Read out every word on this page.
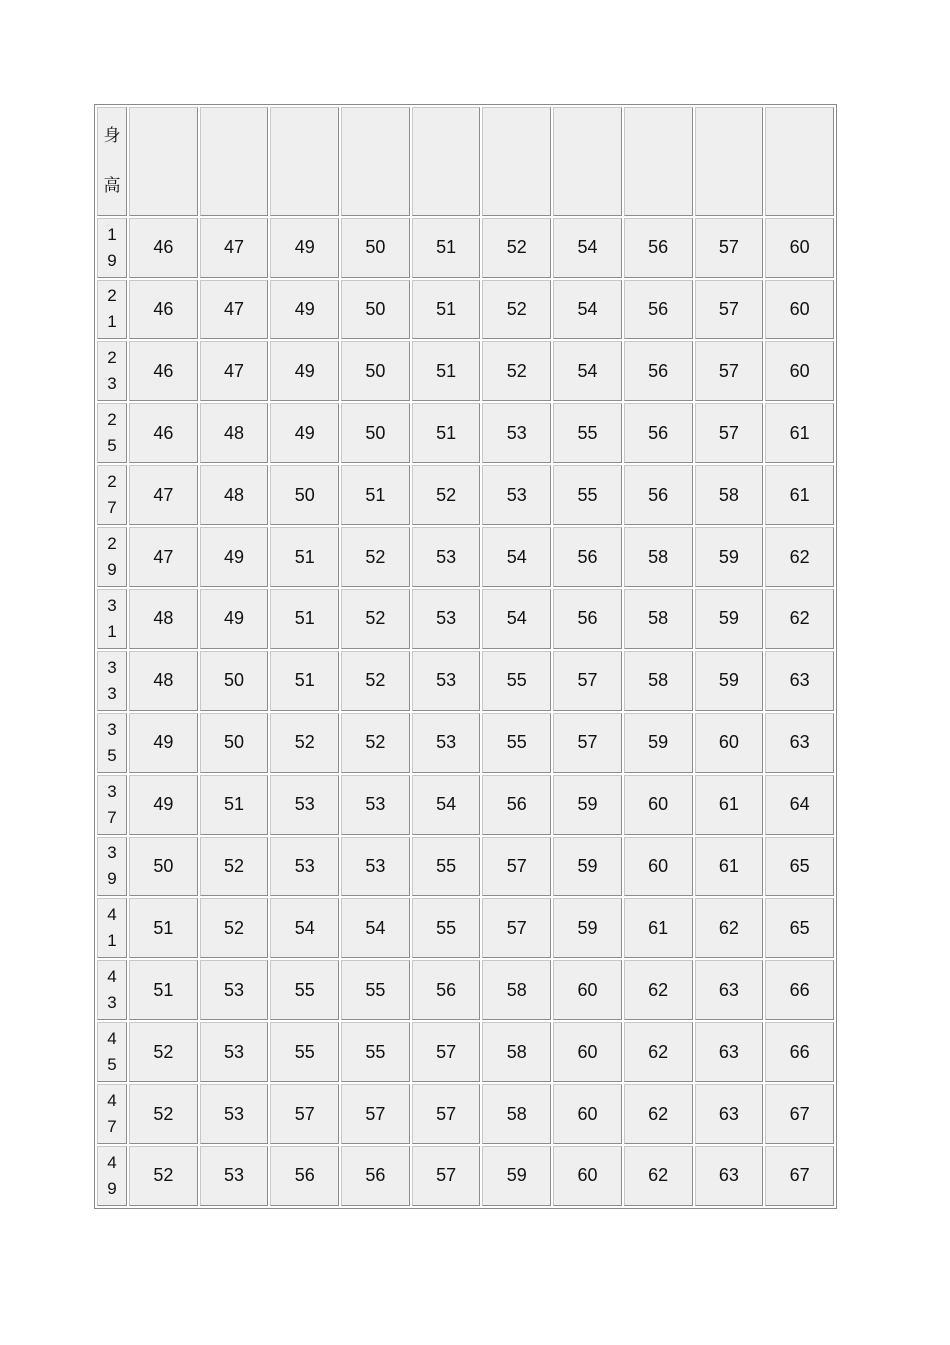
身高										
19	46	47	49	50	51	52	54	56	57	60
21	46	47	49	50	51	52	54	56	57	60
23	46	47	49	50	51	52	54	56	57	60
25	46	48	49	50	51	53	55	56	57	61
27	47	48	50	51	52	53	55	56	58	61
29	47	49	51	52	53	54	56	58	59	62
31	48	49	51	52	53	54	56	58	59	62
33	48	50	51	52	53	55	57	58	59	63
35	49	50	52	52	53	55	57	59	60	63
37	49	51	53	53	54	56	59	60	61	64
39	50	52	53	53	55	57	59	60	61	65
41	51	52	54	54	55	57	59	61	62	65
43	51	53	55	55	56	58	60	62	63	66
45	52	53	55	55	57	58	60	62	63	66
47	52	53	57	57	57	58	60	62	63	67
49	52	53	56	56	57	59	60	62	63	67
